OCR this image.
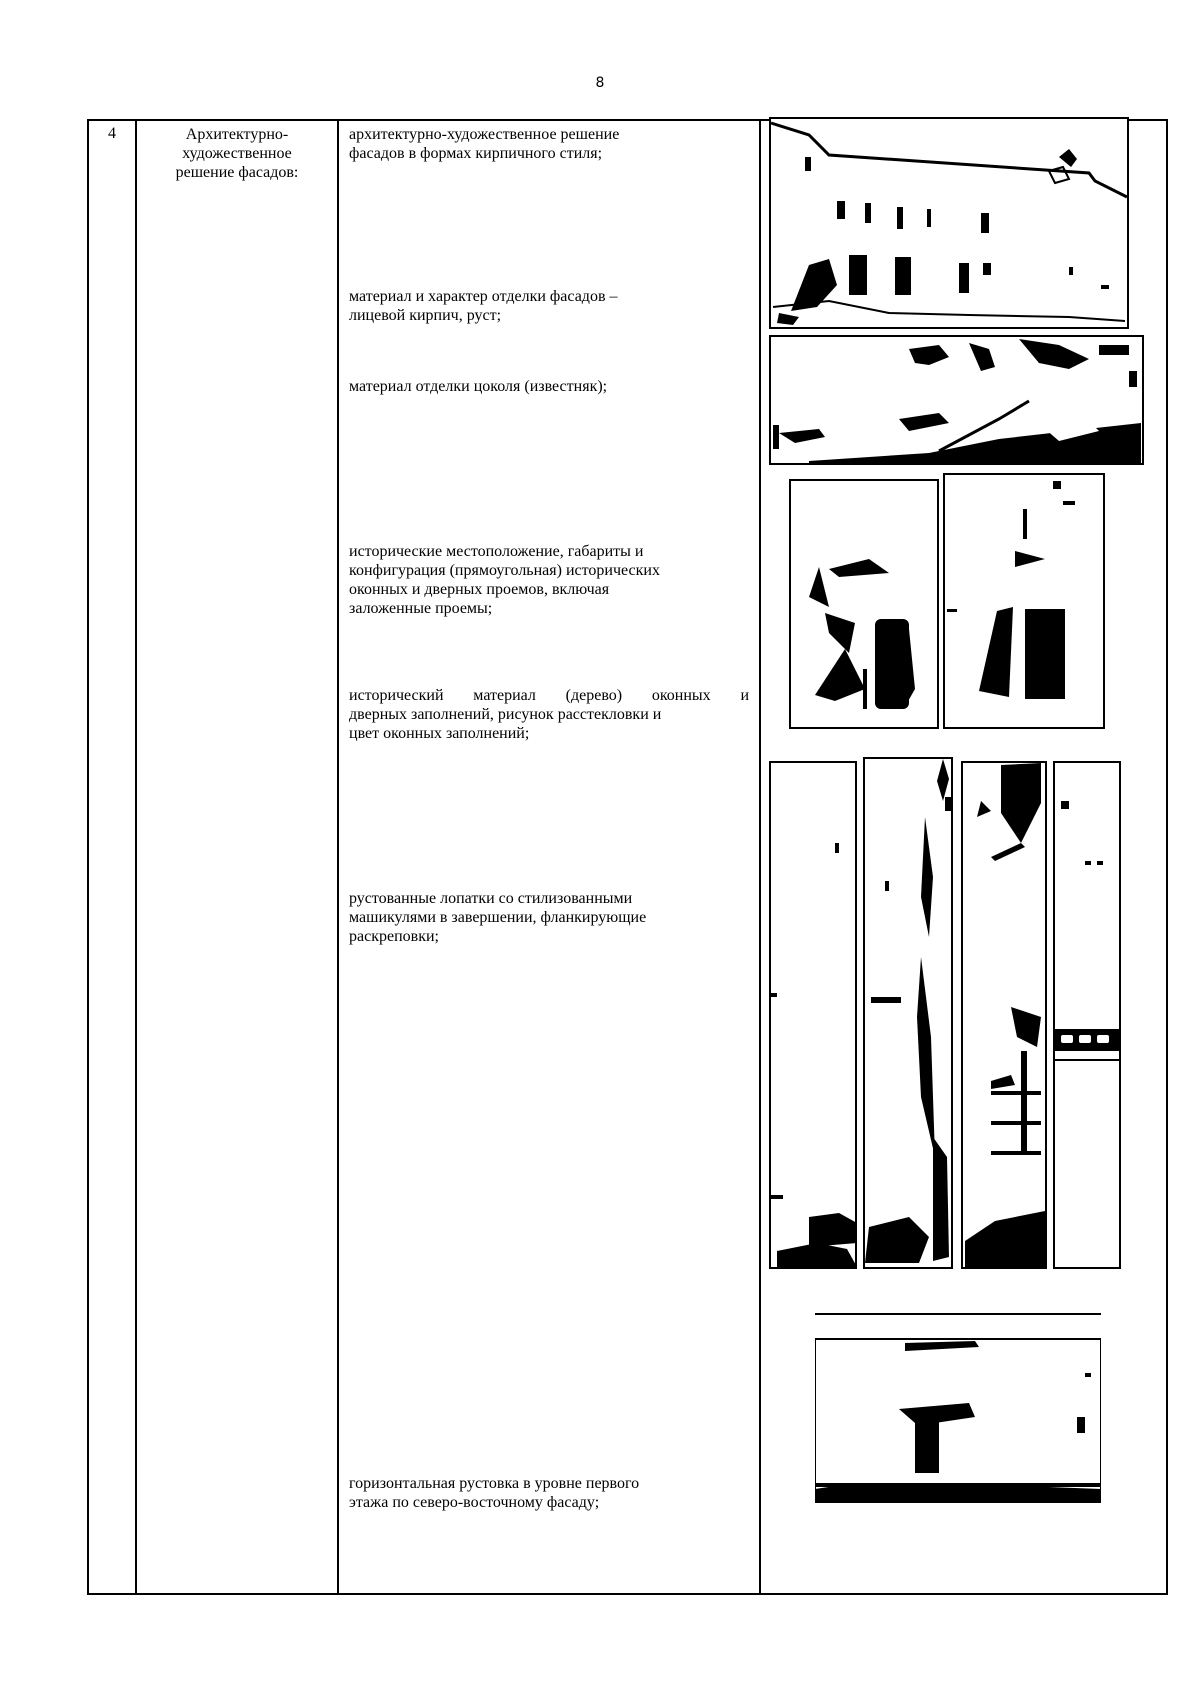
8
4	Архитектурно-
художественное
решение фасадов:
архитектурно-художественное решение
фасадов в формах кирпичного стиля;
материал и характер отделки фасадов –
лицевой кирпич, руст;
материал отделки цоколя (известняк);
исторические местоположение, габариты и
конфигурация (прямоугольная) исторических
оконных и дверных проемов, включая
заложенные проемы;
исторический материал (дерево) оконных и
дверных заполнений, рисунок расстекловки и
цвет оконных заполнений;
рустованные лопатки со стилизованными
машикулями в завершении, фланкирующие
раскреповки;
горизонтальная рустовка в уровне первого
этажа по северо-восточному фасаду;
